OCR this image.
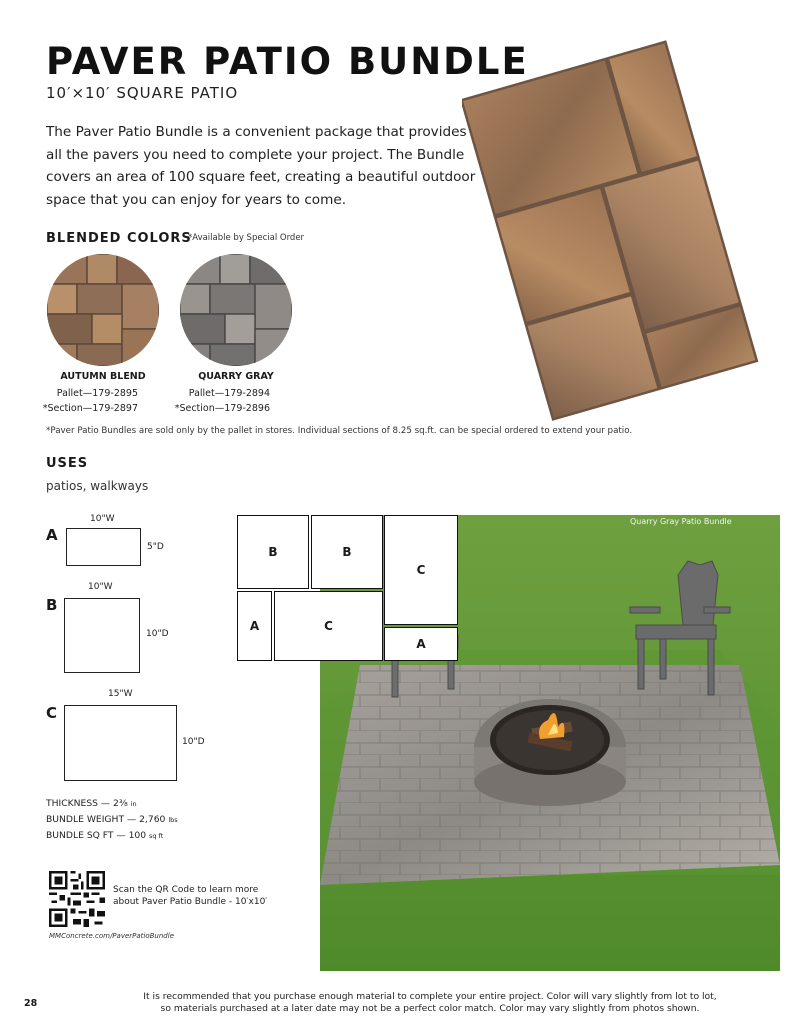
PAVER PATIO BUNDLE
10′×10′ SQUARE PATIO
The Paver Patio Bundle is a convenient package that provides all the pavers you need to complete your project. The Bundle covers an area of 100 square feet, creating a beautiful outdoor space that you can enjoy for years to come.
BLENDED COLORS
*Available by Special Order
AUTUMN BLEND
Pallet—179-2895
*Section—179-2897
QUARRY GRAY
Pallet—179-2894
*Section—179-2896
*Paver Patio Bundles are sold only by the pallet in stores. Individual sections of 8.25 sq.ft. can be special ordered to extend your patio.
USES
patios, walkways
A
10"W
5"D
B
10"W
10"D
C
15"W
10"D
THICKNESS — 2⅜ in
BUNDLE WEIGHT — 2,760 lbs
BUNDLE SQ FT — 100 sq ft
Scan the QR Code to learn more
about Paver Patio Bundle - 10′x10′
MMConcrete.com/PaverPatioBundle
Quarry Gray Patio Bundle
B	B
C
A	C
A
28
It is recommended that you purchase enough material to complete your entire project. Color will vary slightly from lot to lot,
so materials purchased at a later date may not be a perfect color match. Color may vary slightly from photos shown.
